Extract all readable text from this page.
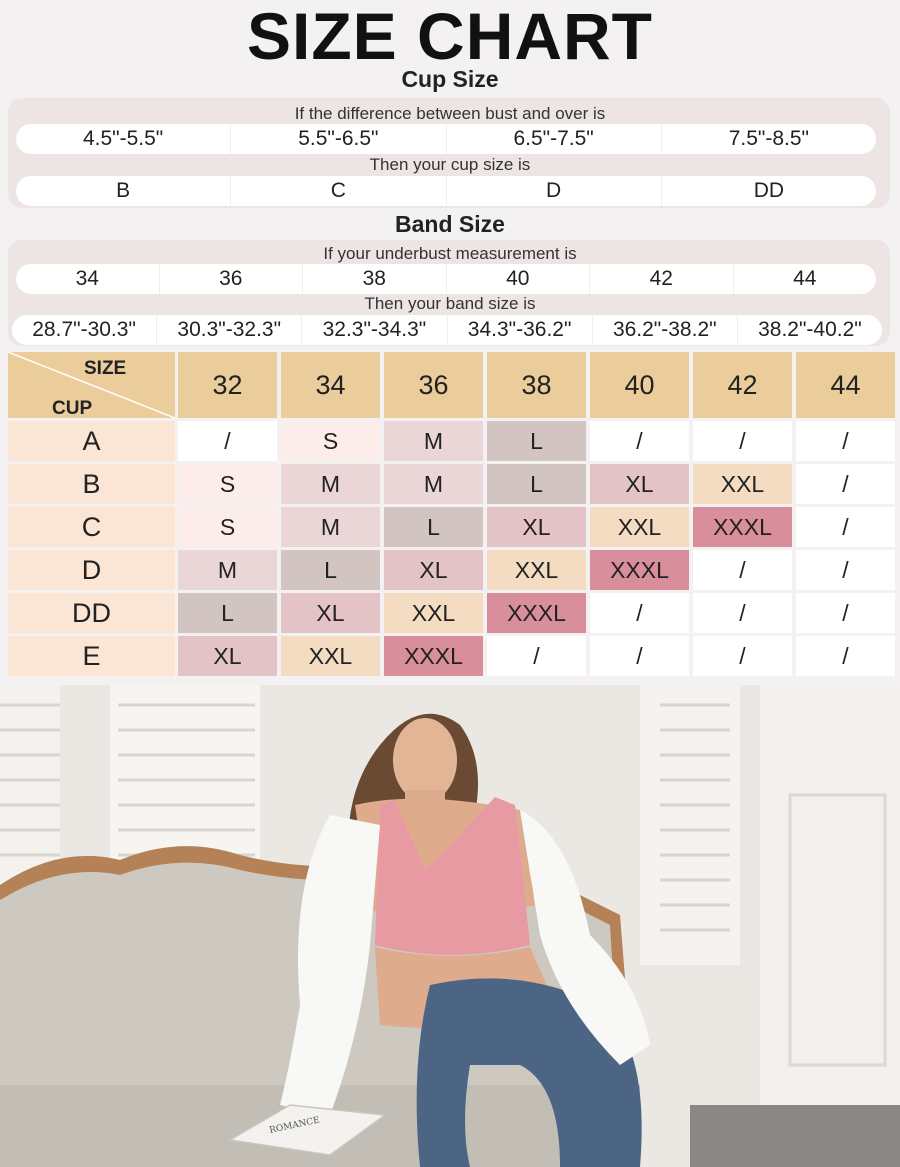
SIZE CHART
Cup Size
If the difference between bust and over is
4.5"-5.5"	5.5"-6.5"	6.5"-7.5"	7.5"-8.5"
Then your cup size is
B	C	D	DD
Band Size
If your underbust measurement is
34	36	38	40	42	44
Then your band size is
28.7"-30.3"	30.3"-32.3"	32.3"-34.3"	34.3"-36.2"	36.2"-38.2"	38.2"-40.2"
SIZE
CUP
32	34	36	38	40	42	44
A	/	S	M	L	/	/	/
B	S	M	M	L	XL	XXL	/
C	S	M	L	XL	XXL	XXXL	/
D	M	L	XL	XXL	XXXL	/	/
DD	L	XL	XXL	XXXL	/	/	/
E	XL	XXL	XXXL	/	/	/	/
ROMANCE
